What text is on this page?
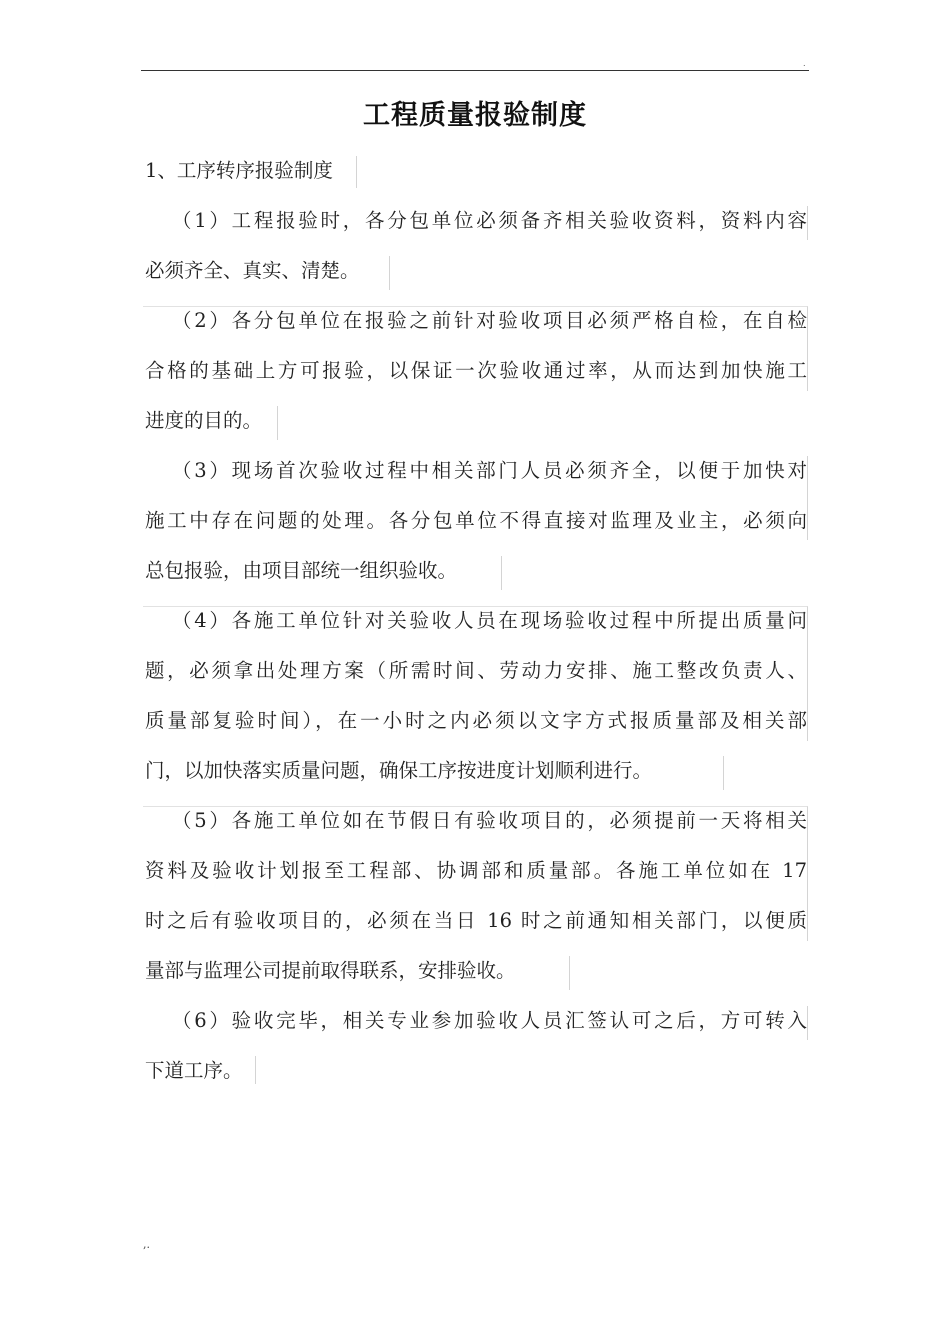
.
工程质量报验制度
1、工序转序报验制度
（1）工程报验时，各分包单位必须备齐相关验收资料，资料内容
必须齐全、真实、清楚。
（2）各分包单位在报验之前针对验收项目必须严格自检，在自检
合格的基础上方可报验，以保证一次验收通过率，从而达到加快施工
进度的目的。
（3）现场首次验收过程中相关部门人员必须齐全，以便于加快对
施工中存在问题的处理。各分包单位不得直接对监理及业主，必须向
总包报验，由项目部统一组织验收。
（4）各施工单位针对关验收人员在现场验收过程中所提出质量问
题，必须拿出处理方案（所需时间、劳动力安排、施工整改负责人、
质量部复验时间），在一小时之内必须以文字方式报质量部及相关部
门，以加快落实质量问题，确保工序按进度计划顺利进行。
（5）各施工单位如在节假日有验收项目的，必须提前一天将相关
资料及验收计划报至工程部、协调部和质量部。各施工单位如在 17
时之后有验收项目的，必须在当日 16 时之前通知相关部门，以便质
量部与监理公司提前取得联系，安排验收。
（6）验收完毕，相关专业参加验收人员汇签认可之后，方可转入
下道工序。
,.
